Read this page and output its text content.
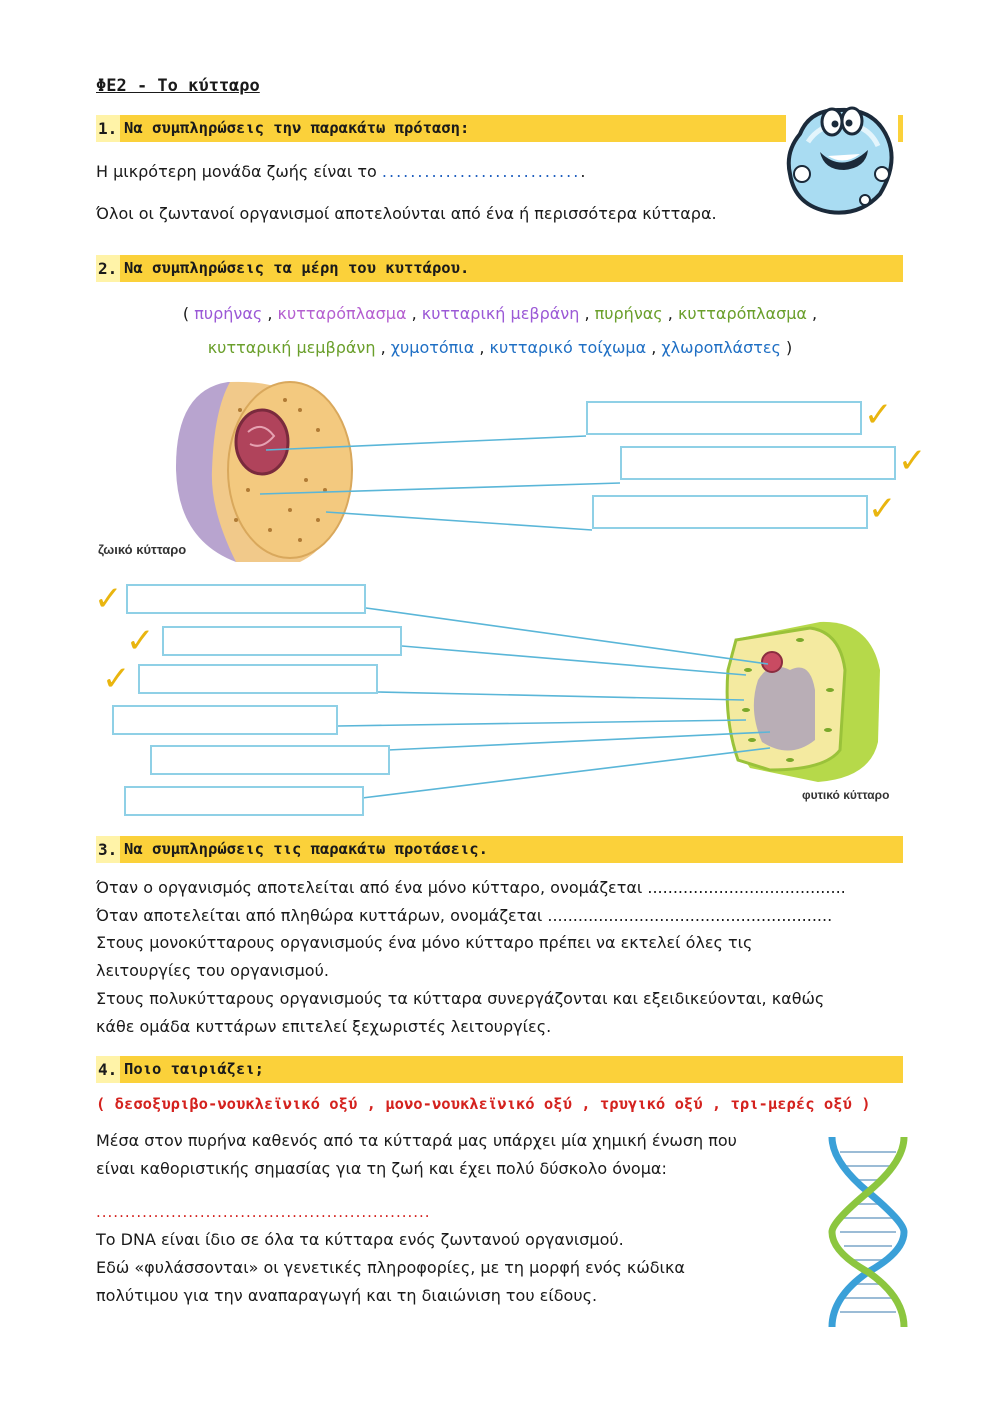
ΦΕ2 - Το κύτταρο
1. Να συμπληρώσεις την παρακάτω πρόταση:
Η μικρότερη μονάδα ζωής είναι το .............................
Όλοι οι ζωντανοί οργανισμοί αποτελούνται από ένα ή περισσότερα κύτταρα.
2. Να συμπληρώσεις τα μέρη του κυττάρου.
( πυρήνας , κυτταρόπλασμα , κυτταρική μεβράνη , πυρήνας , κυτταρόπλασμα ,
κυτταρική μεμβράνη , χυμοτόπια , κυτταρικό τοίχωμα , χλωροπλάστες )
ζωικό κύτταρο
φυτικό κύτταρο
✓
✓
✓
✓
✓
✓
3. Να συμπληρώσεις τις παρακάτω προτάσεις.
Όταν ο οργανισμός αποτελείται από ένα μόνο κύτταρο, ονομάζεται .......................................
Όταν αποτελείται από πληθώρα κυττάρων, ονομάζεται ........................................................
Στους μονοκύτταρους οργανισμούς ένα μόνο κύτταρο πρέπει να εκτελεί όλες τις
λειτουργίες του οργανισμού.
Στους πολυκύτταρους οργανισμούς τα κύτταρα συνεργάζονται και εξειδικεύονται, καθώς
κάθε ομάδα κυττάρων επιτελεί ξεχωριστές λειτουργίες.
4. Ποιο ταιριάζει;
( δεσοξυριβο-νουκλεϊνικό οξύ , μονο-νουκλεϊνικό οξύ , τρυγικό οξύ , τρι-μερές οξύ )
Μέσα στον πυρήνα καθενός από τα κύτταρά μας υπάρχει μία χημική ένωση που
είναι καθοριστικής σημασίας για τη ζωή και έχει πολύ δύσκολο όνομα:
..........................................................
Το DNA είναι ίδιο σε όλα τα κύτταρα ενός ζωντανού οργανισμού.
Εδώ «φυλάσσονται» οι γενετικές πληροφορίες, με τη μορφή ενός κώδικα
πολύτιμου για την αναπαραγωγή και τη διαιώνιση του είδους.
